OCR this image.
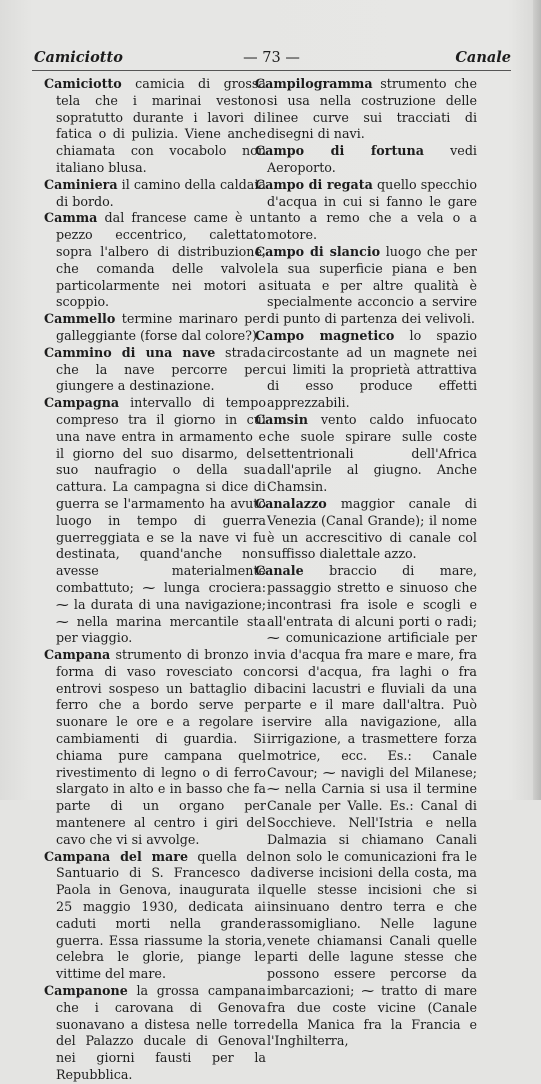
Camiciotto	— 73 —	Canale

Camiciotto camicia di grossa tela che i marinai vestono sopratutto durante i lavori di fatica o di pulizia. Viene anche chiamata con vocabolo non italiano blusa.

Caminiera il camino della caldaia di bordo.

Camma dal francese came è un pezzo eccentrico, calettato sopra l'albero di distribuzione, che comanda delle valvole particolarmente nei motori a scoppio.

Cammello termine marinaro per galleggiante (forse dal colore?).

Cammino di una nave strada che la nave percorre per giungere a destinazione.

Campagna intervallo di tempo compreso tra il giorno in cui una nave entra in armamento e il giorno del suo disarmo, del suo naufragio o della sua cattura. La campagna si dice di guerra se l'armamento ha avuto luogo in tempo di guerra guerreggiata e se la nave vi fu destinata, quand'anche non avesse materialmente combattuto; ⁓ lunga crociera: ⁓ la durata di una navigazione; ⁓ nella marina mercantile sta per viaggio.

Campana strumento di bronzo in forma di vaso rovesciato con entrovi sospeso un battaglio di ferro che a bordo serve per suonare le ore e a regolare i cambiamenti di guardia. Si chiama pure campana quel rivestimento di legno o di ferro slargato in alto e in basso che fa parte di un organo per mantenere al centro i giri del cavo che vi si avvolge.

Campana del mare quella del Santuario di S. Francesco da Paola in Genova, inaugurata il 25 maggio 1930, dedicata ai caduti morti nella grande guerra. Essa riassume la storia, celebra le glorie, piange le vittime del mare.

Campanone la grossa campana che i carovana di Genova suonavano a distesa nelle torre del Palazzo ducale di Genova nei giorni fausti per la Repubblica.

Campilogramma strumento che si usa nella costruzione delle linee curve sui tracciati di disegni di navi.

Campo di fortuna vedi Aeroporto.

Campo di regata quello specchio d'acqua in cui si fanno le gare tanto a remo che a vela o a motore.

Campo di slancio luogo che per la sua superficie piana e ben situata e per altre qualità è specialmente acconcio a servire di punto di partenza dei velivoli.

Campo magnetico lo spazio circostante ad un magnete nei cui limiti la proprietà attrattiva di esso produce effetti apprezzabili.

Camsin vento caldo infuocato che suole spirare sulle coste settentrionali dell'Africa dall'aprile al giugno. Anche Chamsin.

Canalazzo maggior canale di Venezia (Canal Grande); il nome è un accrescitivo di canale col suffisso dialettale azzo.

Canale braccio di mare, passaggio stretto e sinuoso che incontrasi fra isole e scogli e all'entrata di alcuni porti o radi; ⁓ comunicazione artificiale per via d'acqua fra mare e mare, fra corsi d'acqua, fra laghi o fra bacini lacustri e fluviali da una parte e il mare dall'altra. Può servire alla navigazione, alla irrigazione, a trasmettere forza motrice, ecc. Es.: Canale Cavour; ⁓ navigli del Milanese; ⁓ nella Carnia si usa il termine Canale per Valle. Es.: Canal di Socchieve. Nell'Istria e nella Dalmazia si chiamano Canali non solo le comunicazioni fra le diverse incisioni della costa, ma quelle stesse incisioni che si insinuano dentro terra e che rassomigliano. Nelle lagune venete chiamansi Canali quelle parti delle lagune stesse che possono essere percorse da imbarcazioni; ⁓ tratto di mare fra due coste vicine (Canale della Manica fra la Francia e l'Inghilterra,
